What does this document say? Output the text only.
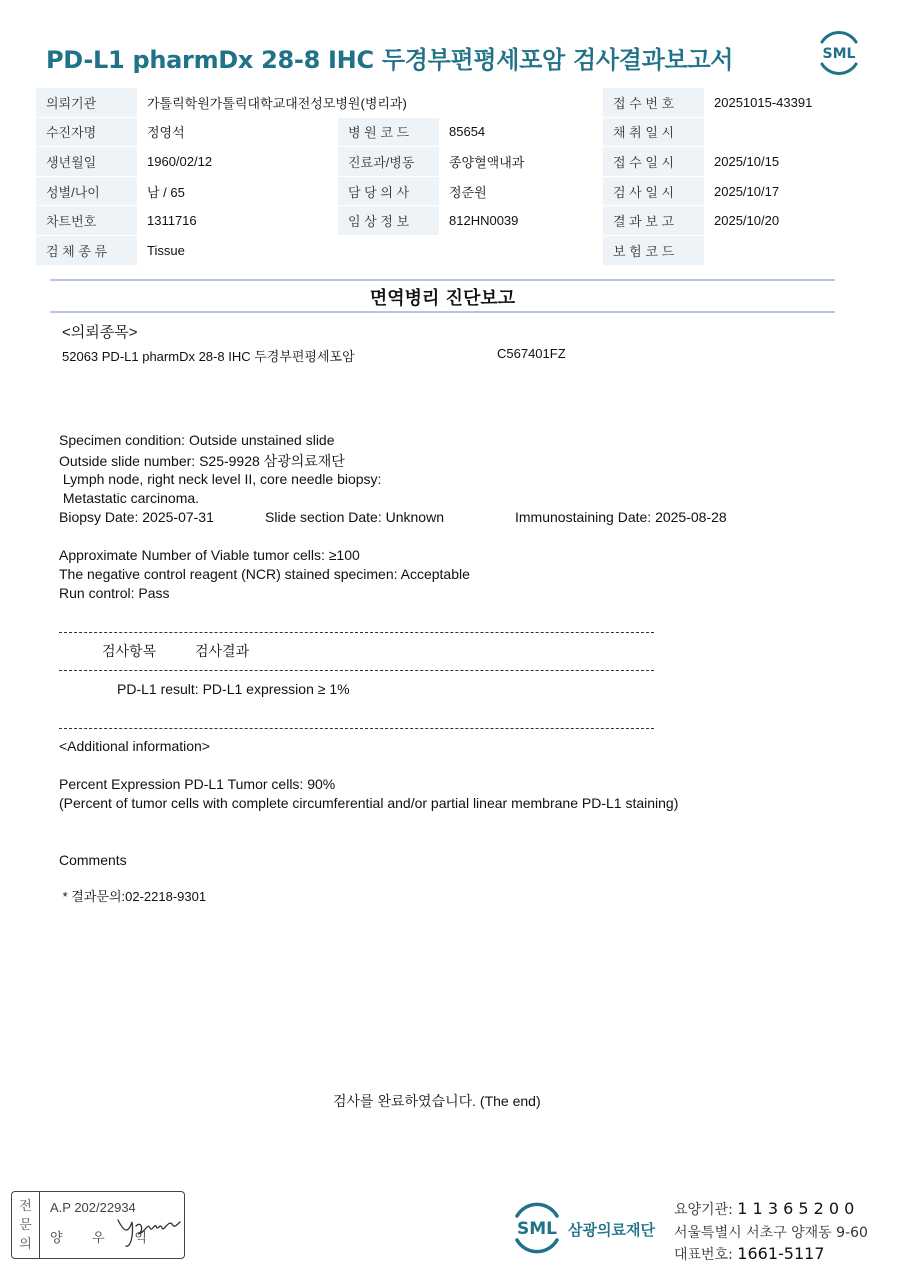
PD-L1 pharmDx 28-8 IHC 두경부편평세포암 검사결과보고서	SML
의뢰기관	가톨릭학원가톨릭대학교대전성모병원(병리과)			접 수 번 호	20251015-43391
수진자명	정영석	병 원 코 드	85654	채 취 일 시	
생년월일	1960/02/12	진료과/병동	종양혈액내과	접 수 일 시	2025/10/15
성별/나이	남 / 65	담 당 의 사	정준원	검 사 일 시	2025/10/17
차트번호	1311716	임 상 정 보	812HN0039	결 과 보 고	2025/10/20
검 체 종 류	Tissue			보 험 코 드	
면역병리 진단보고
<의뢰종목>
52063 PD-L1 pharmDx 28-8 IHC 두경부편평세포암	C567401FZ
Specimen condition: Outside unstained slide
Outside slide number: S25-9928 삼광의료재단
Lymph node, right neck level II, core needle biopsy:
Metastatic carcinoma.
Biopsy Date: 2025-07-31	Slide section Date: Unknown	Immunostaining Date: 2025-08-28
Approximate Number of Viable tumor cells: ≥100
The negative control reagent (NCR) stained specimen: Acceptable
Run control: Pass
검사항목	검사결과
PD-L1 result: PD-L1 expression ≥ 1%
<Additional information>
Percent Expression PD-L1 Tumor cells: 90%
(Percent of tumor cells with complete circumferential and/or partial linear membrane PD-L1 staining)
Comments
* 결과문의:02-2218-9301
검사를 완료하였습니다. (The end)
전
문
의
A.P 202/22934
양 우 익	SML 삼광의료재단
요양기관: 1 1 3 6 5 2 0 0
서울특별시 서초구 양재동 9-60
대표번호: 1661-5117
